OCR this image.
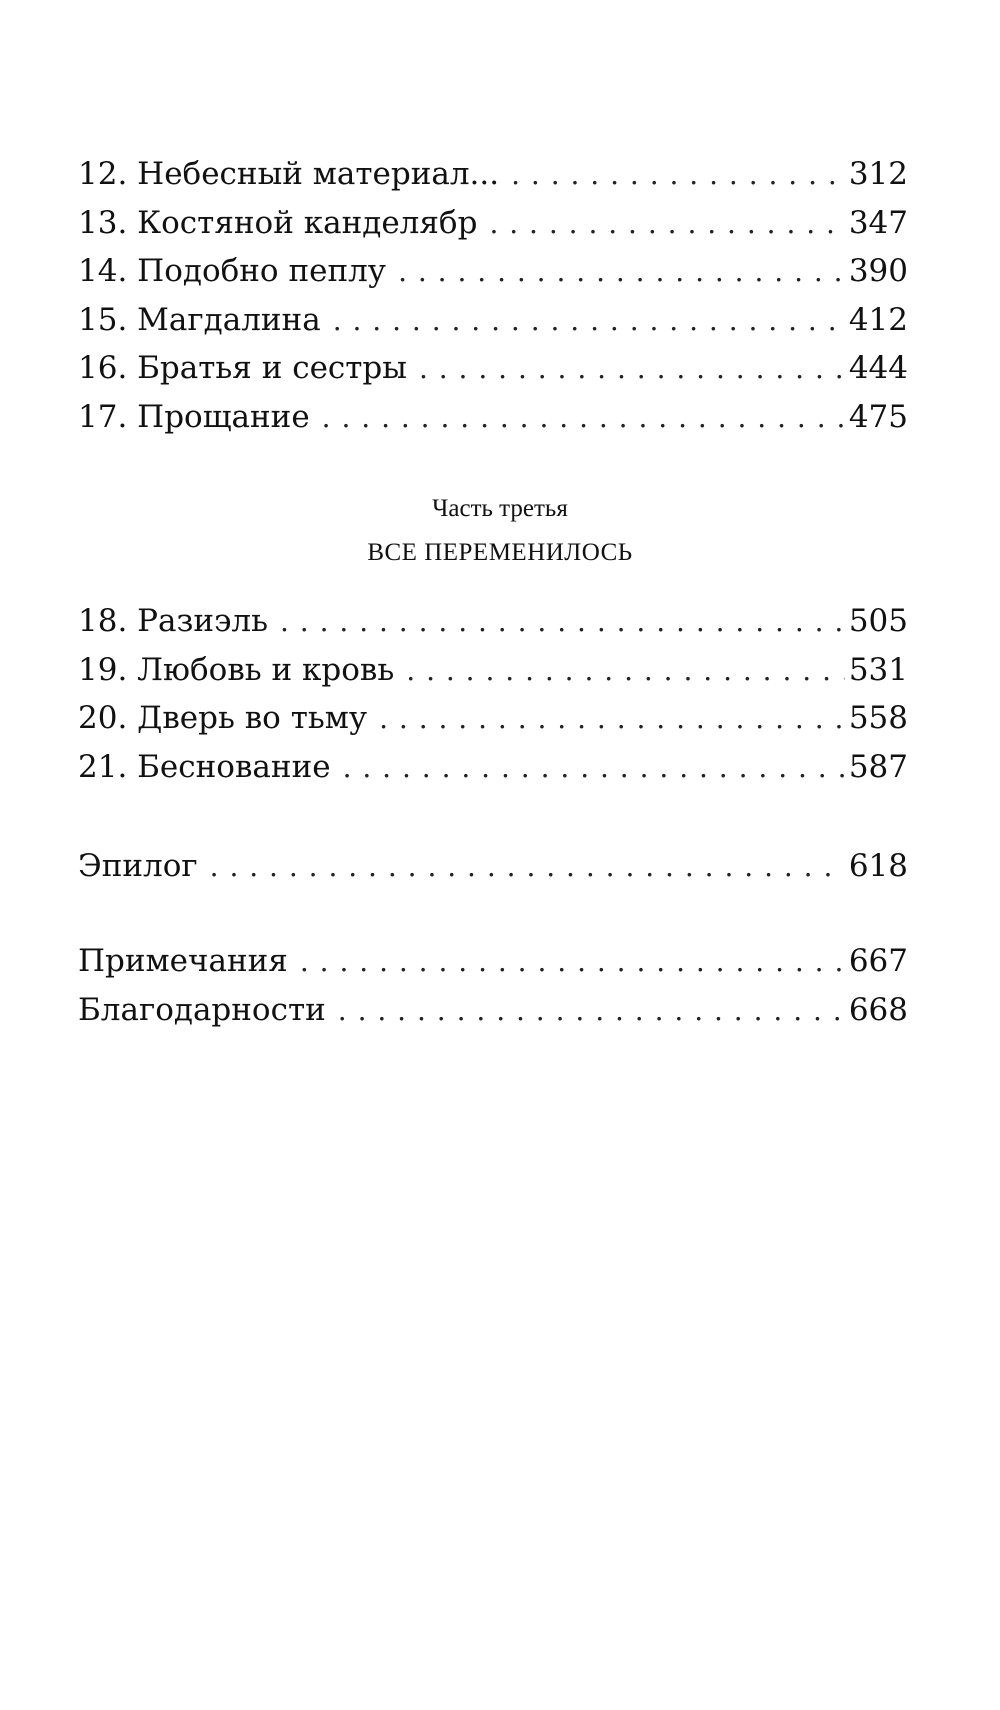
12. Небесный материал... . . .	312
13. Костяной канделябр . . .	347
14. Подобно пеплу . . .	390
15. Магдалина . . .	412
16. Братья и сестры . . .	444
17. Прощание . . .	475
Часть третья
ВСЕ ПЕРЕМЕНИЛОСЬ
18. Разиэль . . .	505
19. Любовь и кровь . . .	531
20. Дверь во тьму . . .	558
21. Беснование . . .	587
Эпилог . . .	618
Примечания . . .	667
Благодарности . . .	668
